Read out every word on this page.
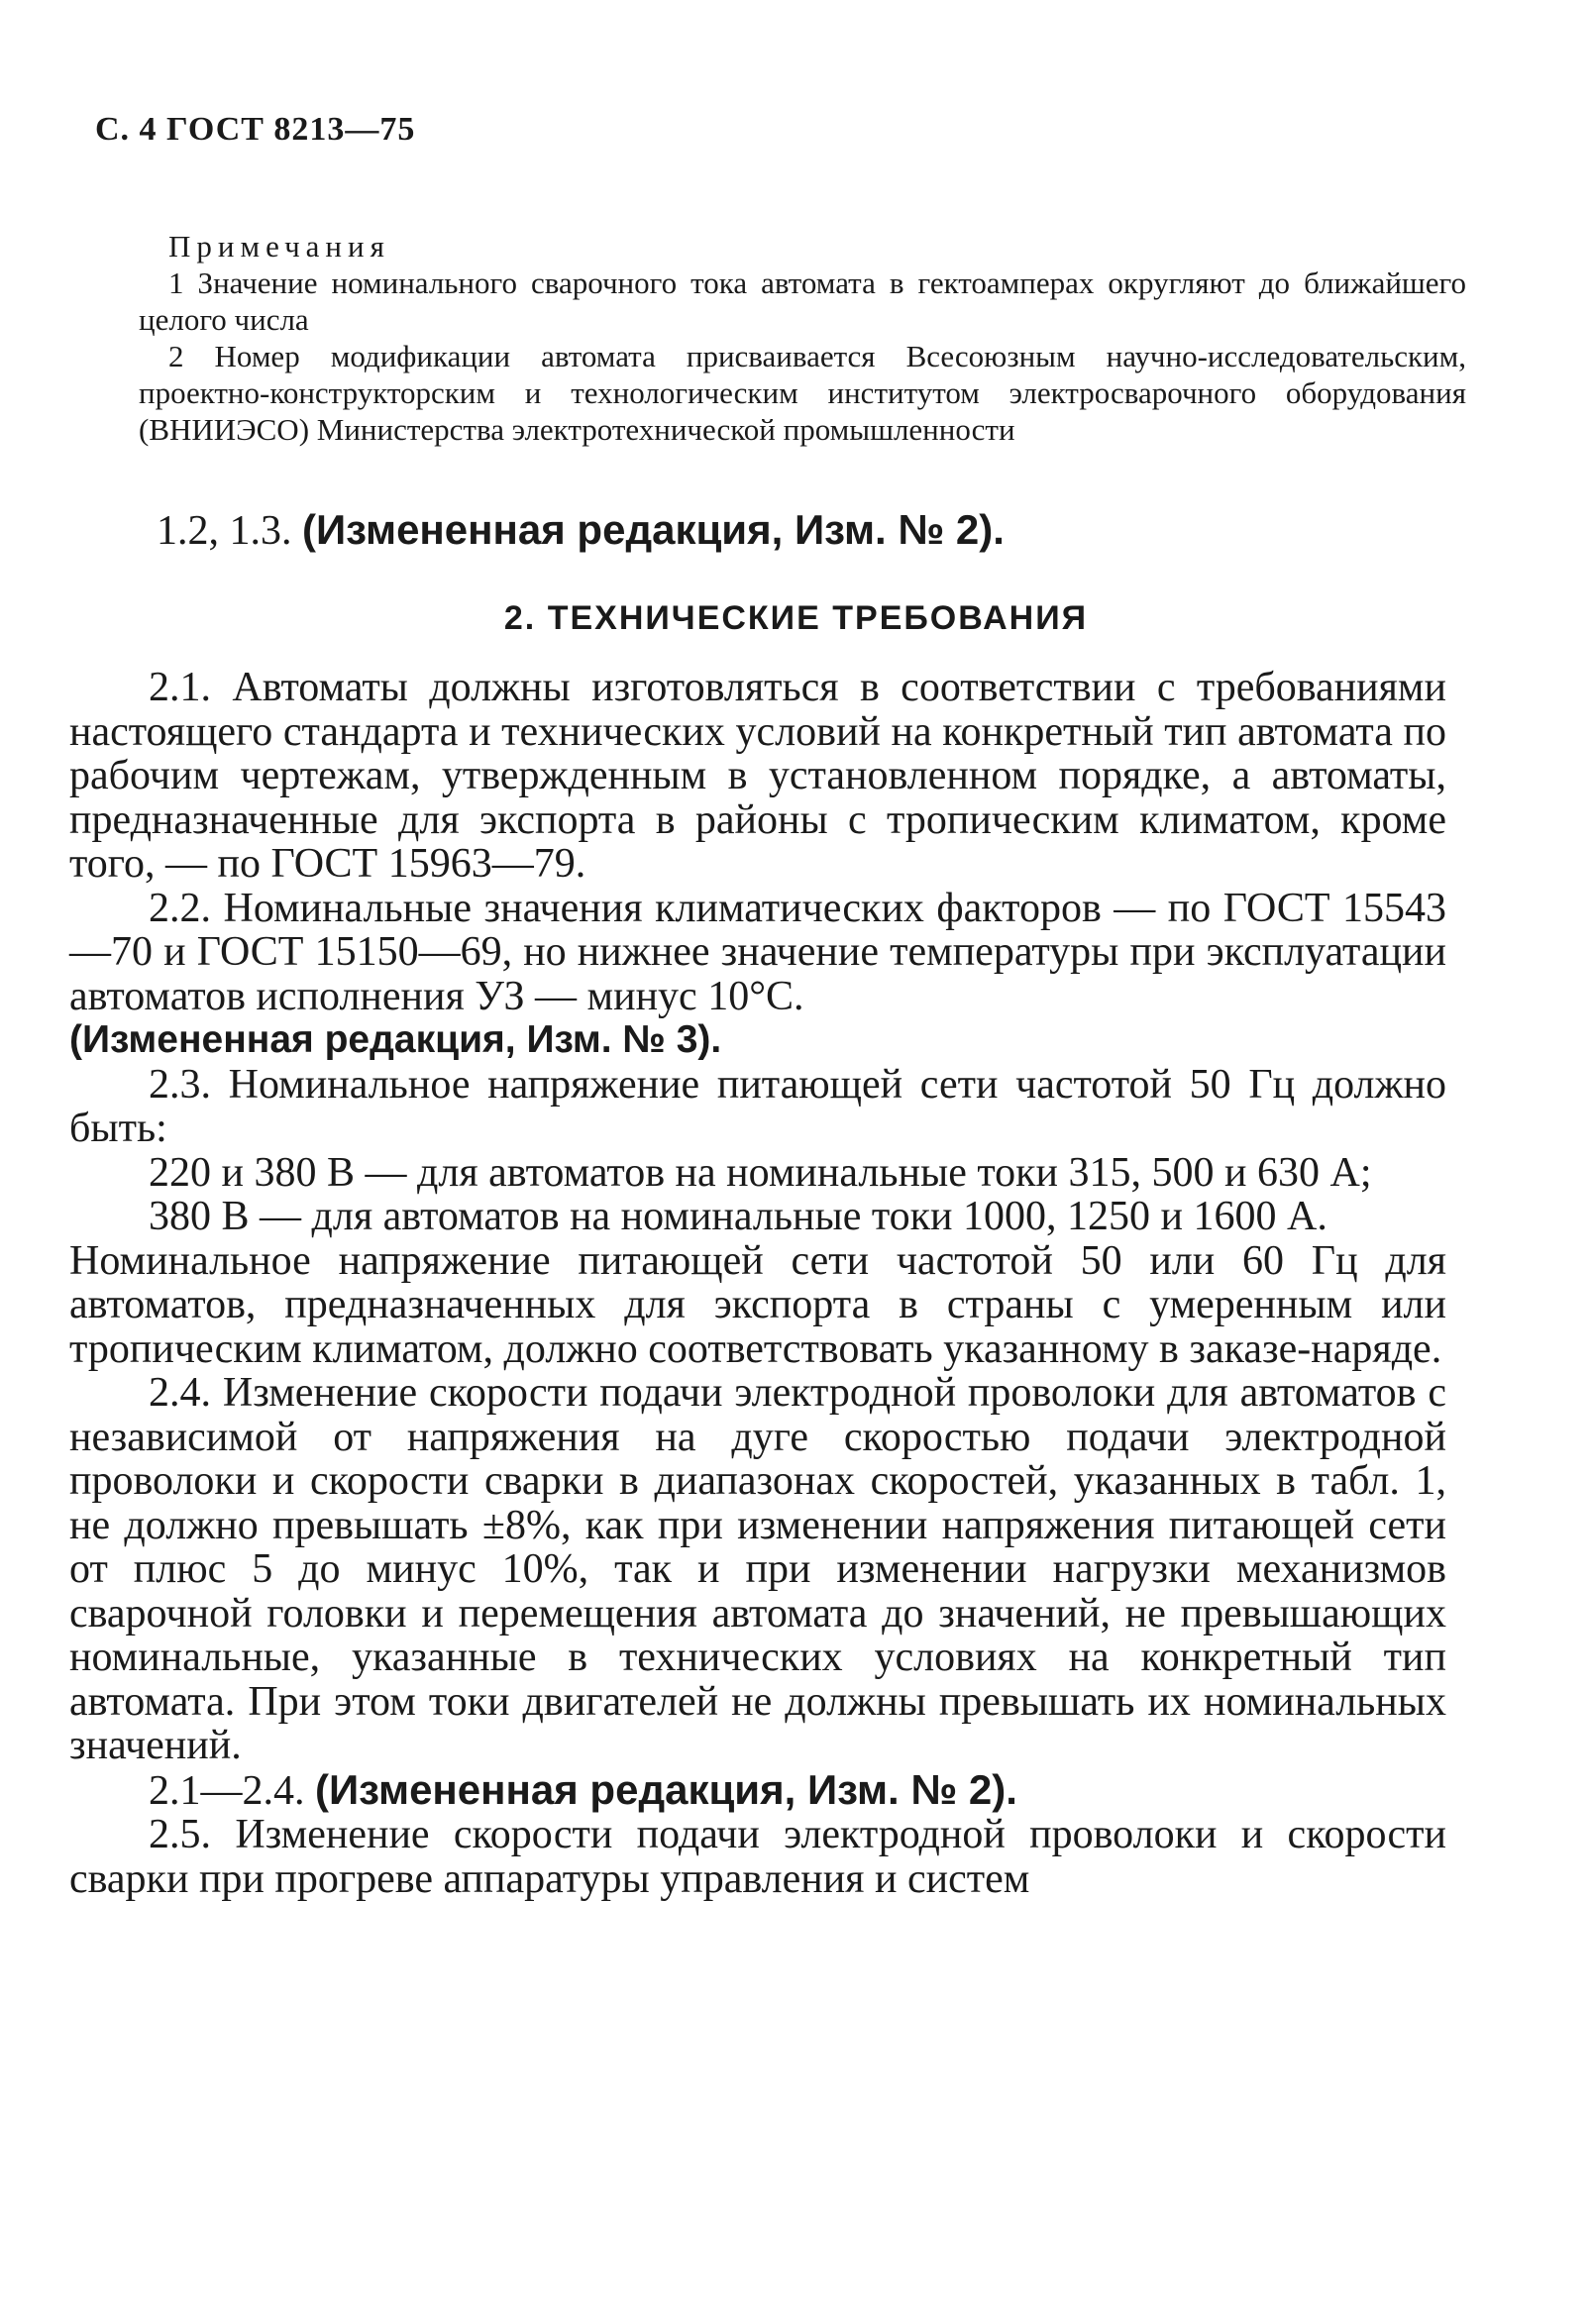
С. 4 ГОСТ 8213—75
Примечания
1 Значение номинального сварочного тока автомата в гектоамперах округляют до ближайшего целого числа
2 Номер модификации автомата присваивается Всесоюзным научно-исследовательским, проектно-конструкторским и технологическим институтом электросварочного оборудования (ВНИИЭСО) Министерства электротехнической промышленности
1.2, 1.3. (Измененная редакция, Изм. № 2).
2. ТЕХНИЧЕСКИЕ ТРЕБОВАНИЯ

2.1. Автоматы должны изготовляться в соответствии с требованиями настоящего стандарта и технических условий на конкретный тип автомата по рабочим чертежам, утвержденным в установленном порядке, а автоматы, предназначенные для экспорта в районы с тропическим климатом, кроме того, — по ГОСТ 15963—79.

2.2. Номинальные значения климатических факторов — по ГОСТ 15543—70 и ГОСТ 15150—69, но нижнее значение температуры при эксплуатации автоматов исполнения УЗ — минус 10°С.

(Измененная редакция, Изм. № 3).

2.3. Номинальное напряжение питающей сети частотой 50 Гц должно быть:

220 и 380 В — для автоматов на номинальные токи 315, 500 и 630 А;

380 В — для автоматов на номинальные токи 1000, 1250 и 1600 А.

Номинальное напряжение питающей сети частотой 50 или 60 Гц для автоматов, предназначенных для экспорта в страны с умеренным или тропическим климатом, должно соответствовать указанному в заказе-наряде.

2.4. Изменение скорости подачи электродной проволоки для автоматов с независимой от напряжения на дуге скоростью подачи электродной проволоки и скорости сварки в диапазонах скоростей, указанных в табл. 1, не должно превышать ±8%, как при изменении напряжения питающей сети от плюс 5 до минус 10%, так и при изменении нагрузки механизмов сварочной головки и перемещения автомата до значений, не превышающих номинальные, указанные в технических условиях на конкретный тип автомата. При этом токи двигателей не должны превышать их номинальных значений.

2.1—2.4. (Измененная редакция, Изм. № 2).

2.5. Изменение скорости подачи электродной проволоки и скорости сварки при прогреве аппаратуры управления и систем
